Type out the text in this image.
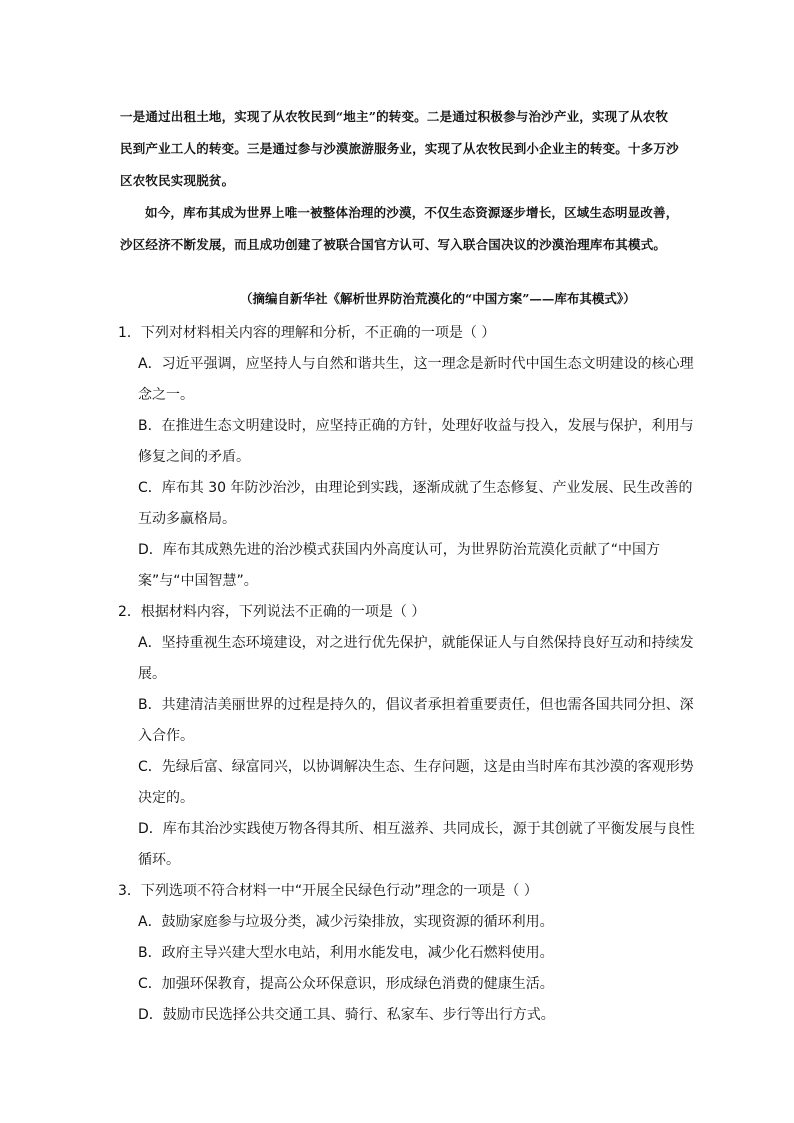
一是通过出租土地，实现了从农牧民到“地主”的转变。二是通过积极参与治沙产业，实现了从农牧民到产业工人的转变。三是通过参与沙漠旅游服务业，实现了从农牧民到小企业主的转变。十多万沙区农牧民实现脱贫。

如今，库布其成为世界上唯一被整体治理的沙漠，不仅生态资源逐步增长，区域生态明显改善，沙区经济不断发展，而且成功创建了被联合国官方认可、写入联合国决议的沙漠治理库布其模式。

（摘编自新华社《解析世界防治荒漠化的“中国方案”——库布其模式》）
1．下列对材料相关内容的理解和分析，不正确的一项是（ ）
A．习近平强调，应坚持人与自然和谐共生，这一理念是新时代中国生态文明建设的核心理念之一。
B．在推进生态文明建设时，应坚持正确的方针，处理好收益与投入，发展与保护，利用与修复之间的矛盾。
C．库布其 30 年防沙治沙，由理论到实践，逐渐成就了生态修复、产业发展、民生改善的互动多赢格局。
D．库布其成熟先进的治沙模式获国内外高度认可，为世界防治荒漠化贡献了“中国方案”与“中国智慧”。
2．根据材料内容，下列说法不正确的一项是（ ）
A．坚持重视生态环境建设，对之进行优先保护，就能保证人与自然保持良好互动和持续发展。
B．共建清洁美丽世界的过程是持久的，倡议者承担着重要责任，但也需各国共同分担、深入合作。
C．先绿后富、绿富同兴，以协调解决生态、生存问题，这是由当时库布其沙漠的客观形势决定的。
D．库布其治沙实践使万物各得其所、相互滋养、共同成长，源于其创就了平衡发展与良性循环。
3．下列选项不符合材料一中“开展全民绿色行动”理念的一项是（ ）
A．鼓励家庭参与垃圾分类，减少污染排放，实现资源的循环利用。
B．政府主导兴建大型水电站，利用水能发电，减少化石燃料使用。
C．加强环保教育，提高公众环保意识，形成绿色消费的健康生活。
D．鼓励市民选择公共交通工具、骑行、私家车、步行等出行方式。
